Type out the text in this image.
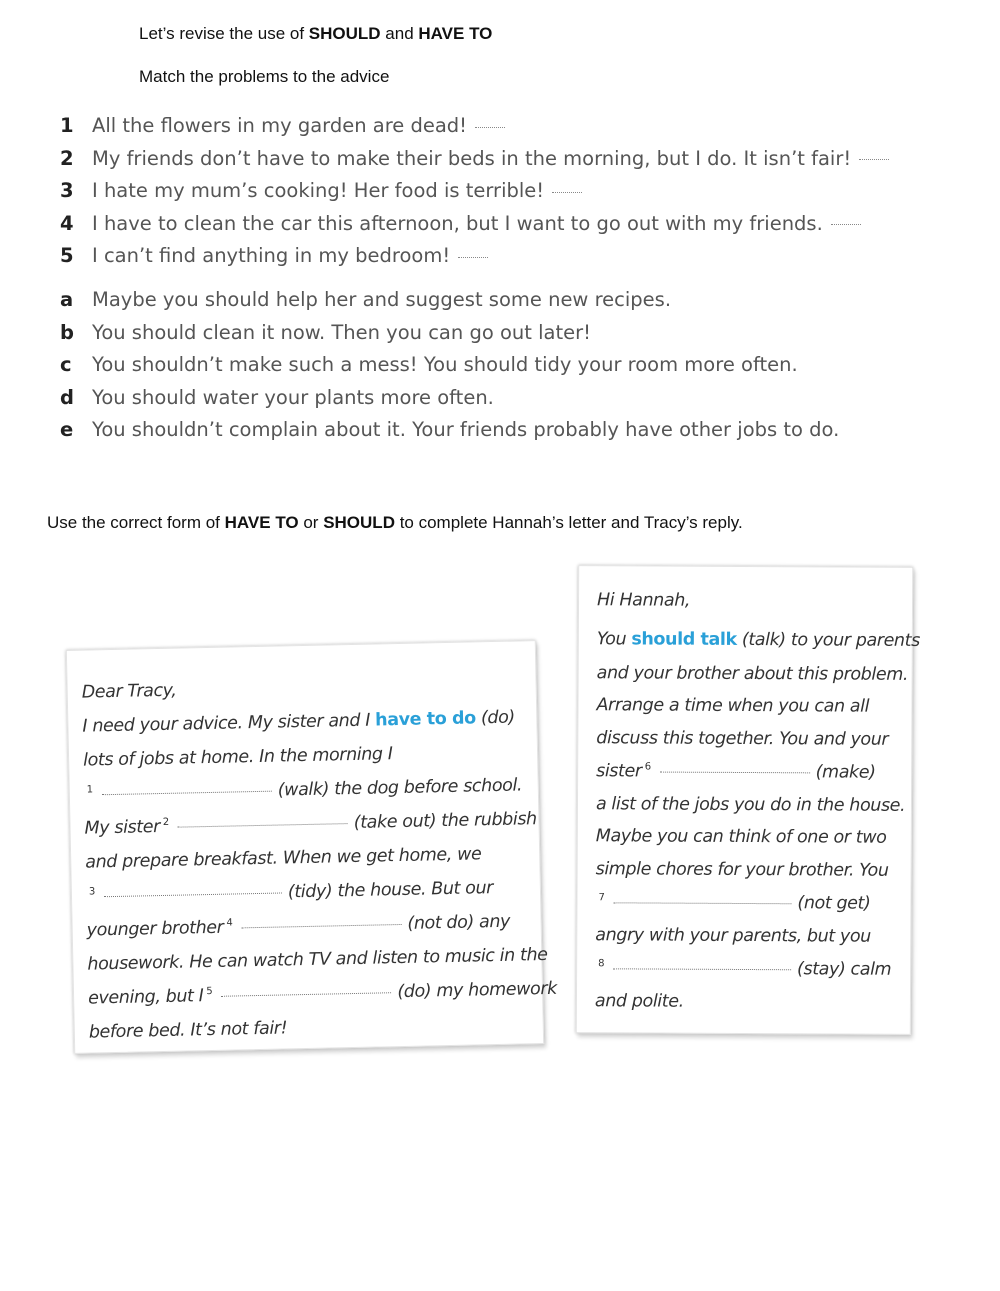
Let’s revise the use of SHOULD and HAVE TO
Match the problems to the advice
1 All the flowers in my garden are dead!
2 My friends don’t have to make their beds in the morning, but I do. It isn’t fair!
3 I hate my mum’s cooking! Her food is terrible!
4 I have to clean the car this afternoon, but I want to go out with my friends.
5 I can’t find anything in my bedroom!
a Maybe you should help her and suggest some new recipes.
b You should clean it now. Then you can go out later!
c You shouldn’t make such a mess! You should tidy your room more often.
d You should water your plants more often.
e You shouldn’t complain about it. Your friends probably have other jobs to do.
Use the correct form of HAVE TO or SHOULD to complete Hannah’s letter and Tracy’s reply.
Dear Tracy,
I need your advice. My sister and I have to do (do)
lots of jobs at home. In the morning I
$^1$	(walk) the dog before school.
My sister $^2$	(take out) the rubbish
and prepare breakfast. When we get home, we
$^3$	(tidy) the house. But our
younger brother $^4$	(not do) any
housework. He can watch TV and listen to music in the
evening, but I $^5$	(do) my homework
before bed. It’s not fair!
Hi Hannah,
You should talk (talk) to your parents
and your brother about this problem.
Arrange a time when you can all
discuss this together. You and your
sister $^6$	(make)
a list of the jobs you do in the house.
Maybe you can think of one or two
simple chores for your brother. You
$^7$	(not get)
angry with your parents, but you
$^8$	(stay) calm
and polite.
